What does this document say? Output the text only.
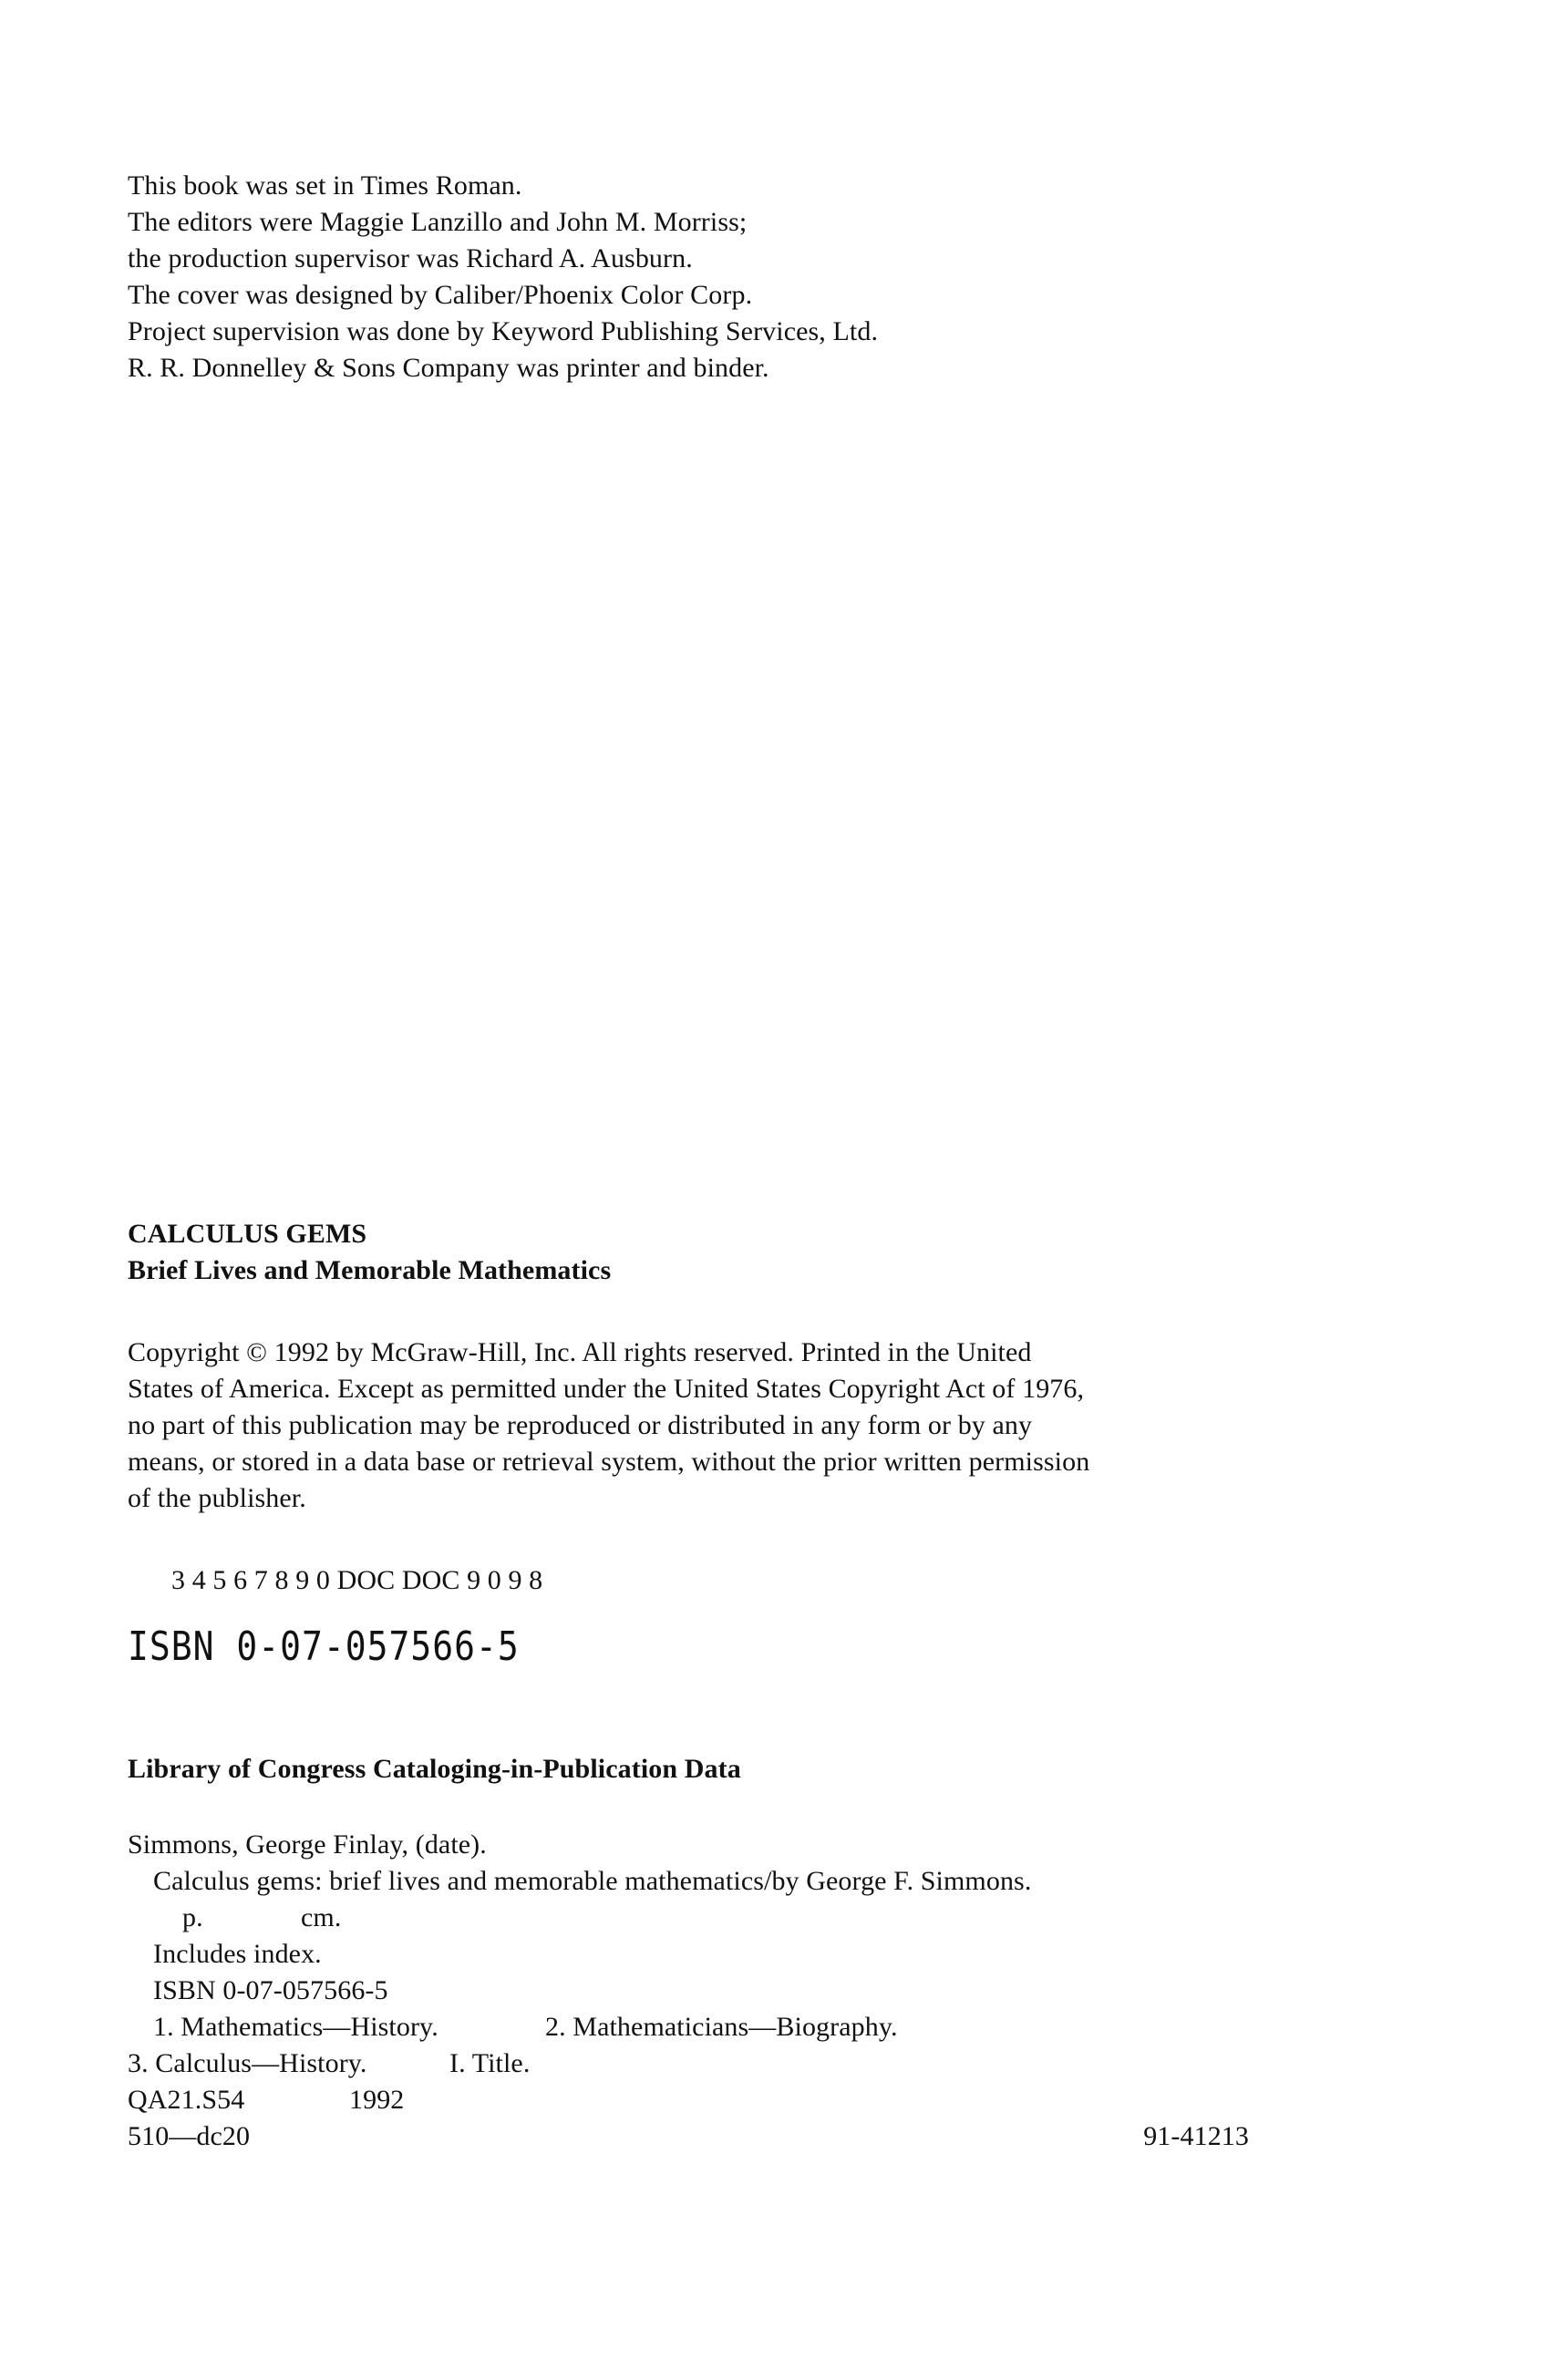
This book was set in Times Roman.
The editors were Maggie Lanzillo and John M. Morriss;
the production supervisor was Richard A. Ausburn.
The cover was designed by Caliber/Phoenix Color Corp.
Project supervision was done by Keyword Publishing Services, Ltd.
R. R. Donnelley & Sons Company was printer and binder.
CALCULUS GEMS
Brief Lives and Memorable Mathematics
Copyright © 1992 by McGraw-Hill, Inc. All rights reserved. Printed in the United
States of America. Except as permitted under the United States Copyright Act of 1976,
no part of this publication may be reproduced or distributed in any form or by any
means, or stored in a data base or retrieval system, without the prior written permission
of the publisher.
3 4 5 6 7 8 9 0 DOC DOC 9 0 9 8
ISBN 0-07-057566-5
Library of Congress Cataloging-in-Publication Data
Simmons, George Finlay, (date).
Calculus gems: brief lives and memorable mathematics/by George F. Simmons.
p.	cm.
Includes index.
ISBN 0-07-057566-5
1. Mathematics—History.	2. Mathematicians—Biography.
3. Calculus—History.	I. Title.
QA21.S54	1992
510—dc20	91-41213
